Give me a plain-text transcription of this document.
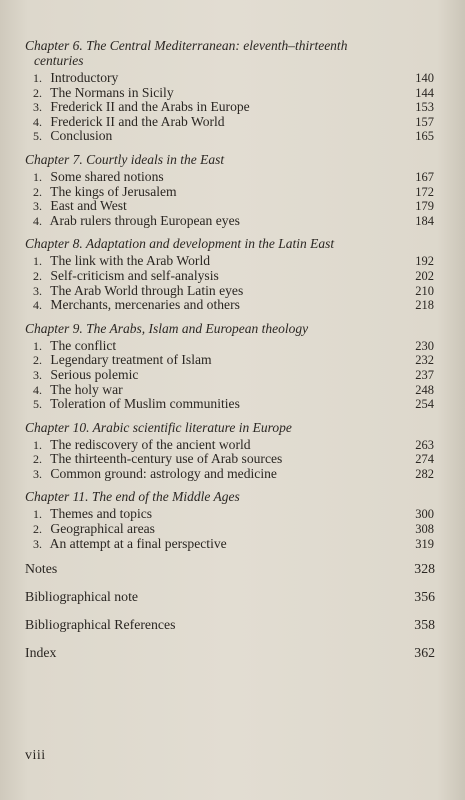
Chapter 6. The Central Mediterranean: eleventh–thirteenth
centuries
1. Introductory	140
2. The Normans in Sicily	144
3. Frederick II and the Arabs in Europe	153
4. Frederick II and the Arab World	157
5. Conclusion	165
Chapter 7. Courtly ideals in the East
1. Some shared notions	167
2. The kings of Jerusalem	172
3. East and West	179
4. Arab rulers through European eyes	184
Chapter 8. Adaptation and development in the Latin East
1. The link with the Arab World	192
2. Self-criticism and self-analysis	202
3. The Arab World through Latin eyes	210
4. Merchants, mercenaries and others	218
Chapter 9. The Arabs, Islam and European theology
1. The conflict	230
2. Legendary treatment of Islam	232
3. Serious polemic	237
4. The holy war	248
5. Toleration of Muslim communities	254
Chapter 10. Arabic scientific literature in Europe
1. The rediscovery of the ancient world	263
2. The thirteenth-century use of Arab sources	274
3. Common ground: astrology and medicine	282
Chapter 11. The end of the Middle Ages
1. Themes and topics	300
2. Geographical areas	308
3. An attempt at a final perspective	319
Notes	328
Bibliographical note	356
Bibliographical References	358
Index	362
viii
